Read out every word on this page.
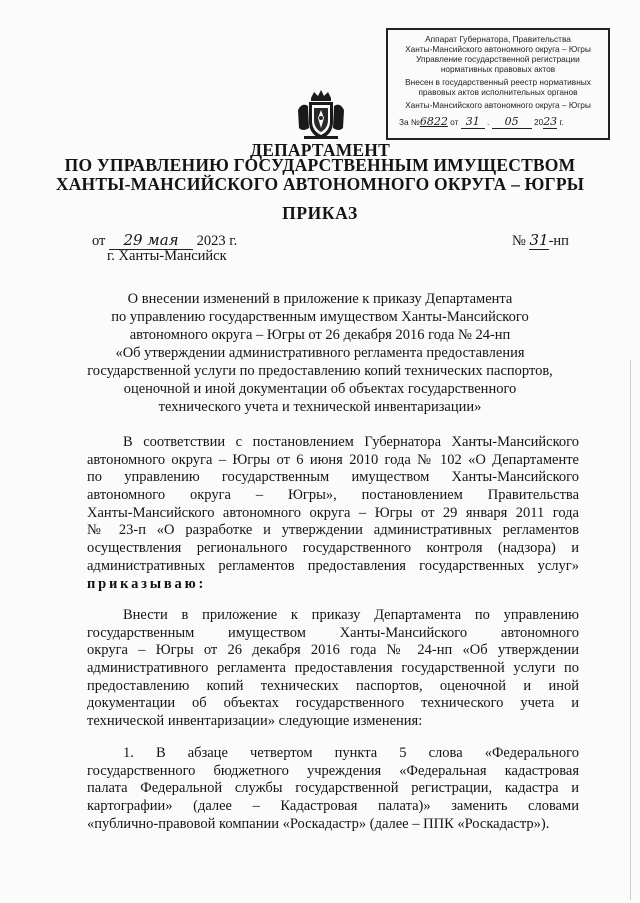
Аппарат Губернатора, Правительства
Ханты-Мансийского автономного округа – Югры
Управление государственной регистрации
нормативных правовых актов
Внесен в государственный реестр нормативных
правовых актов исполнительных органов
Ханты-Мансийского автономного округа – Югры
За №6822 от 31 . 05 2023 г.
ДЕПАРТАМЕНТ
ПО УПРАВЛЕНИЮ ГОСУДАРСТВЕННЫМ ИМУЩЕСТВОМ
ХАНТЫ-МАНСИЙСКОГО АВТОНОМНОГО ОКРУГА – ЮГРЫ
ПРИКАЗ
от 29 мая 2023 г.
г. Ханты-Мансийск
№ 31-нп
О внесении изменений в приложение к приказу Департамента
по управлению государственным имуществом Ханты-Мансийского
автономного округа – Югры от 26 декабря 2016 года № 24-нп
«Об утверждении административного регламента предоставления
государственной услуги по предоставлению копий технических паспортов,
оценочной и иной документации об объектах государственного
технического учета и технической инвентаризации»
В соответствии с постановлением Губернатора Ханты-Мансийского
автономного округа – Югры от 6 июня 2010 года № 102 «О Департаменте
по управлению государственным имуществом Ханты-Мансийского
автономного округа – Югры», постановлением Правительства
Ханты-Мансийского автономного округа – Югры от 29 января 2011 года
№ 23-п «О разработке и утверждении административных регламентов
осуществления регионального государственного контроля (надзора) и
административных регламентов предоставления государственных услуг»
приказываю:
Внести в приложение к приказу Департамента по управлению
государственным имуществом Ханты-Мансийского автономного
округа – Югры от 26 декабря 2016 года № 24-нп «Об утверждении
административного регламента предоставления государственной услуги по
предоставлению копий технических паспортов, оценочной и иной
документации об объектах государственного технического учета и
технической инвентаризации» следующие изменения:
1. В абзаце четвертом пункта 5 слова «Федерального
государственного бюджетного учреждения «Федеральная кадастровая
палата Федеральной службы государственной регистрации, кадастра и
картографии» (далее – Кадастровая палата)» заменить словами
«публично-правовой компании «Роскадастр» (далее – ППК «Роскадастр»).
